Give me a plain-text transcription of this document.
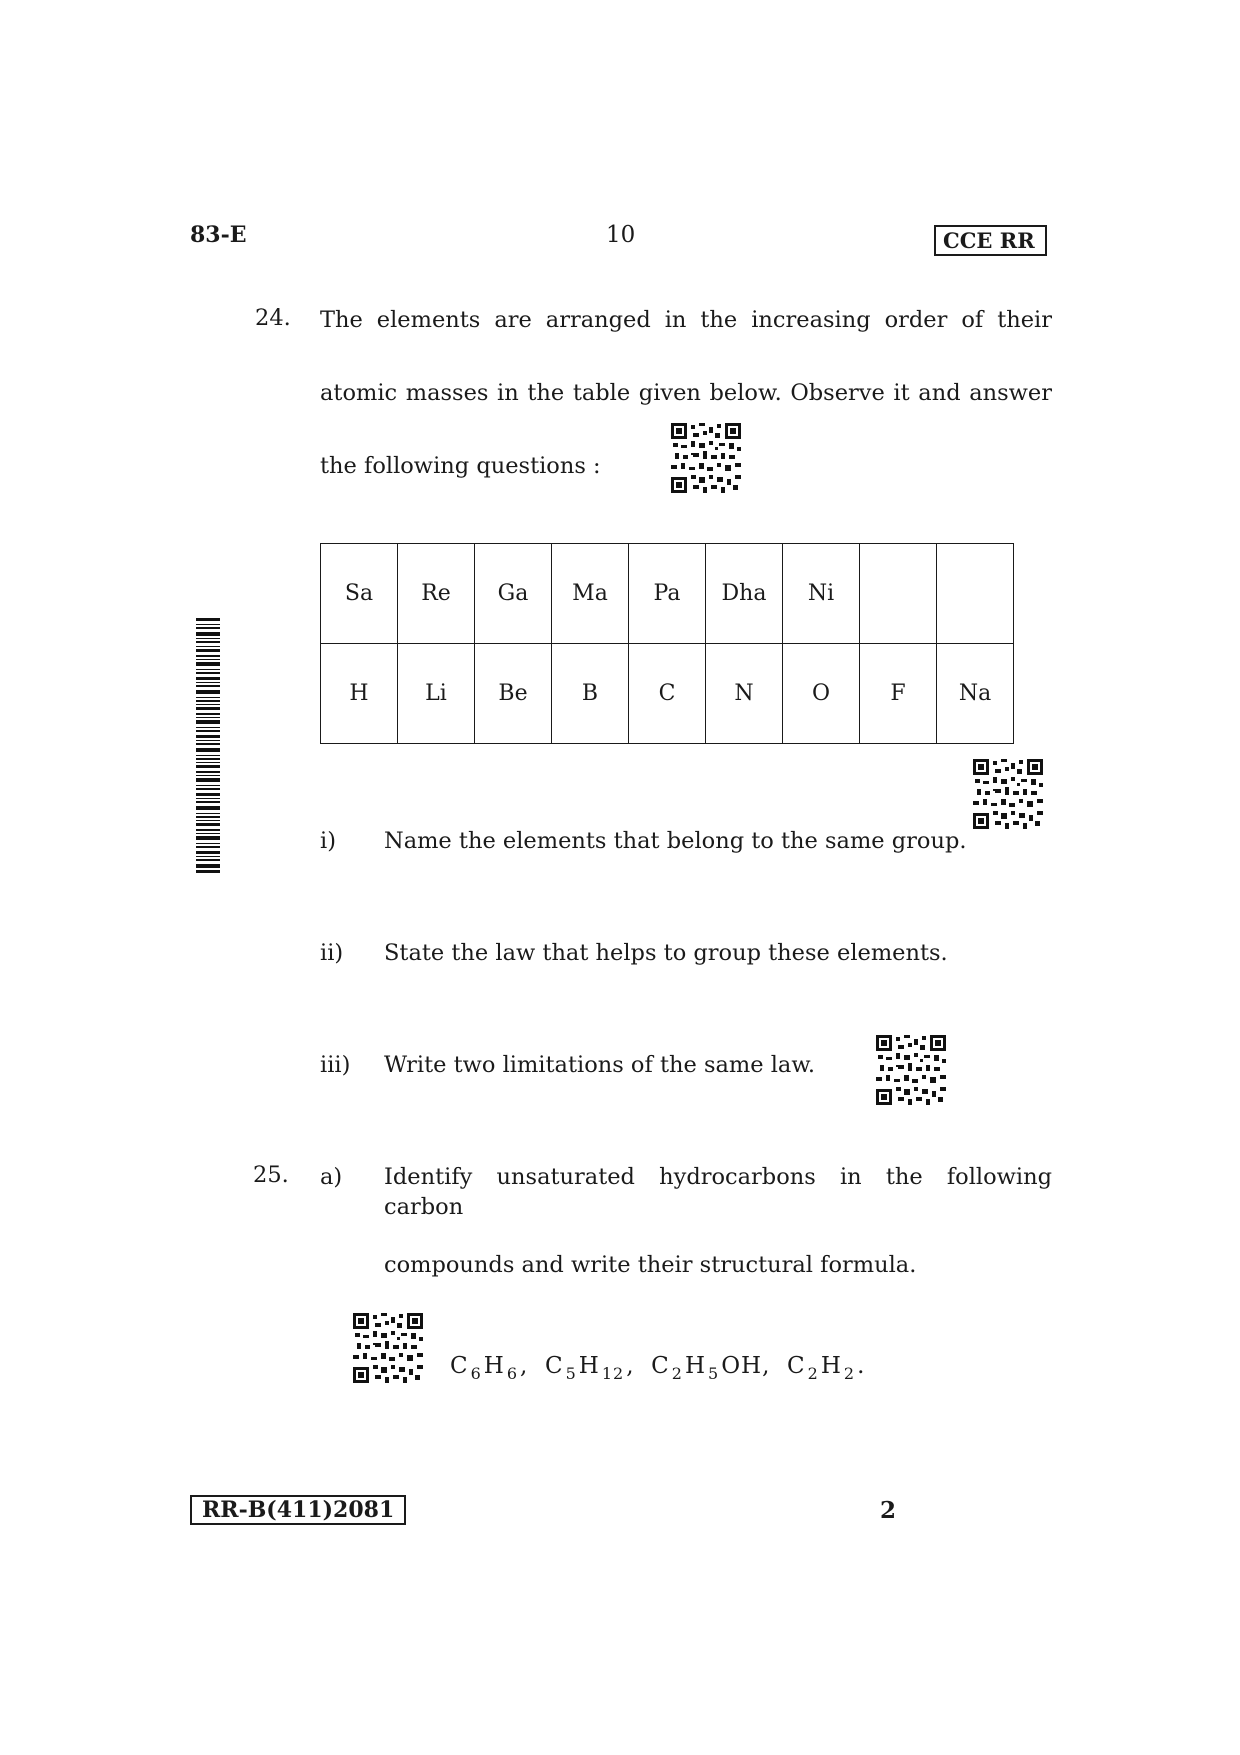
83-E	10	CCE RR
24. The elements are arranged in the increasing order of their
atomic masses in the table given below. Observe it and answer
the following questions :
Sa	Re	Ga	Ma	Pa	Dha	Ni		
H	Li	Be	B	C	N	O	F	Na
i) Name the elements that belong to the same group.
ii) State the law that helps to group these elements.
iii) Write two limitations of the same law.
25. a) Identify unsaturated hydrocarbons in the following carbon
compounds and write their structural formula.
C $_6$H $_6$, C $_5$H $_{12}$, C $_2$H $_5$OH, C $_2$H $_2$.
RR-B(411)2081	2
